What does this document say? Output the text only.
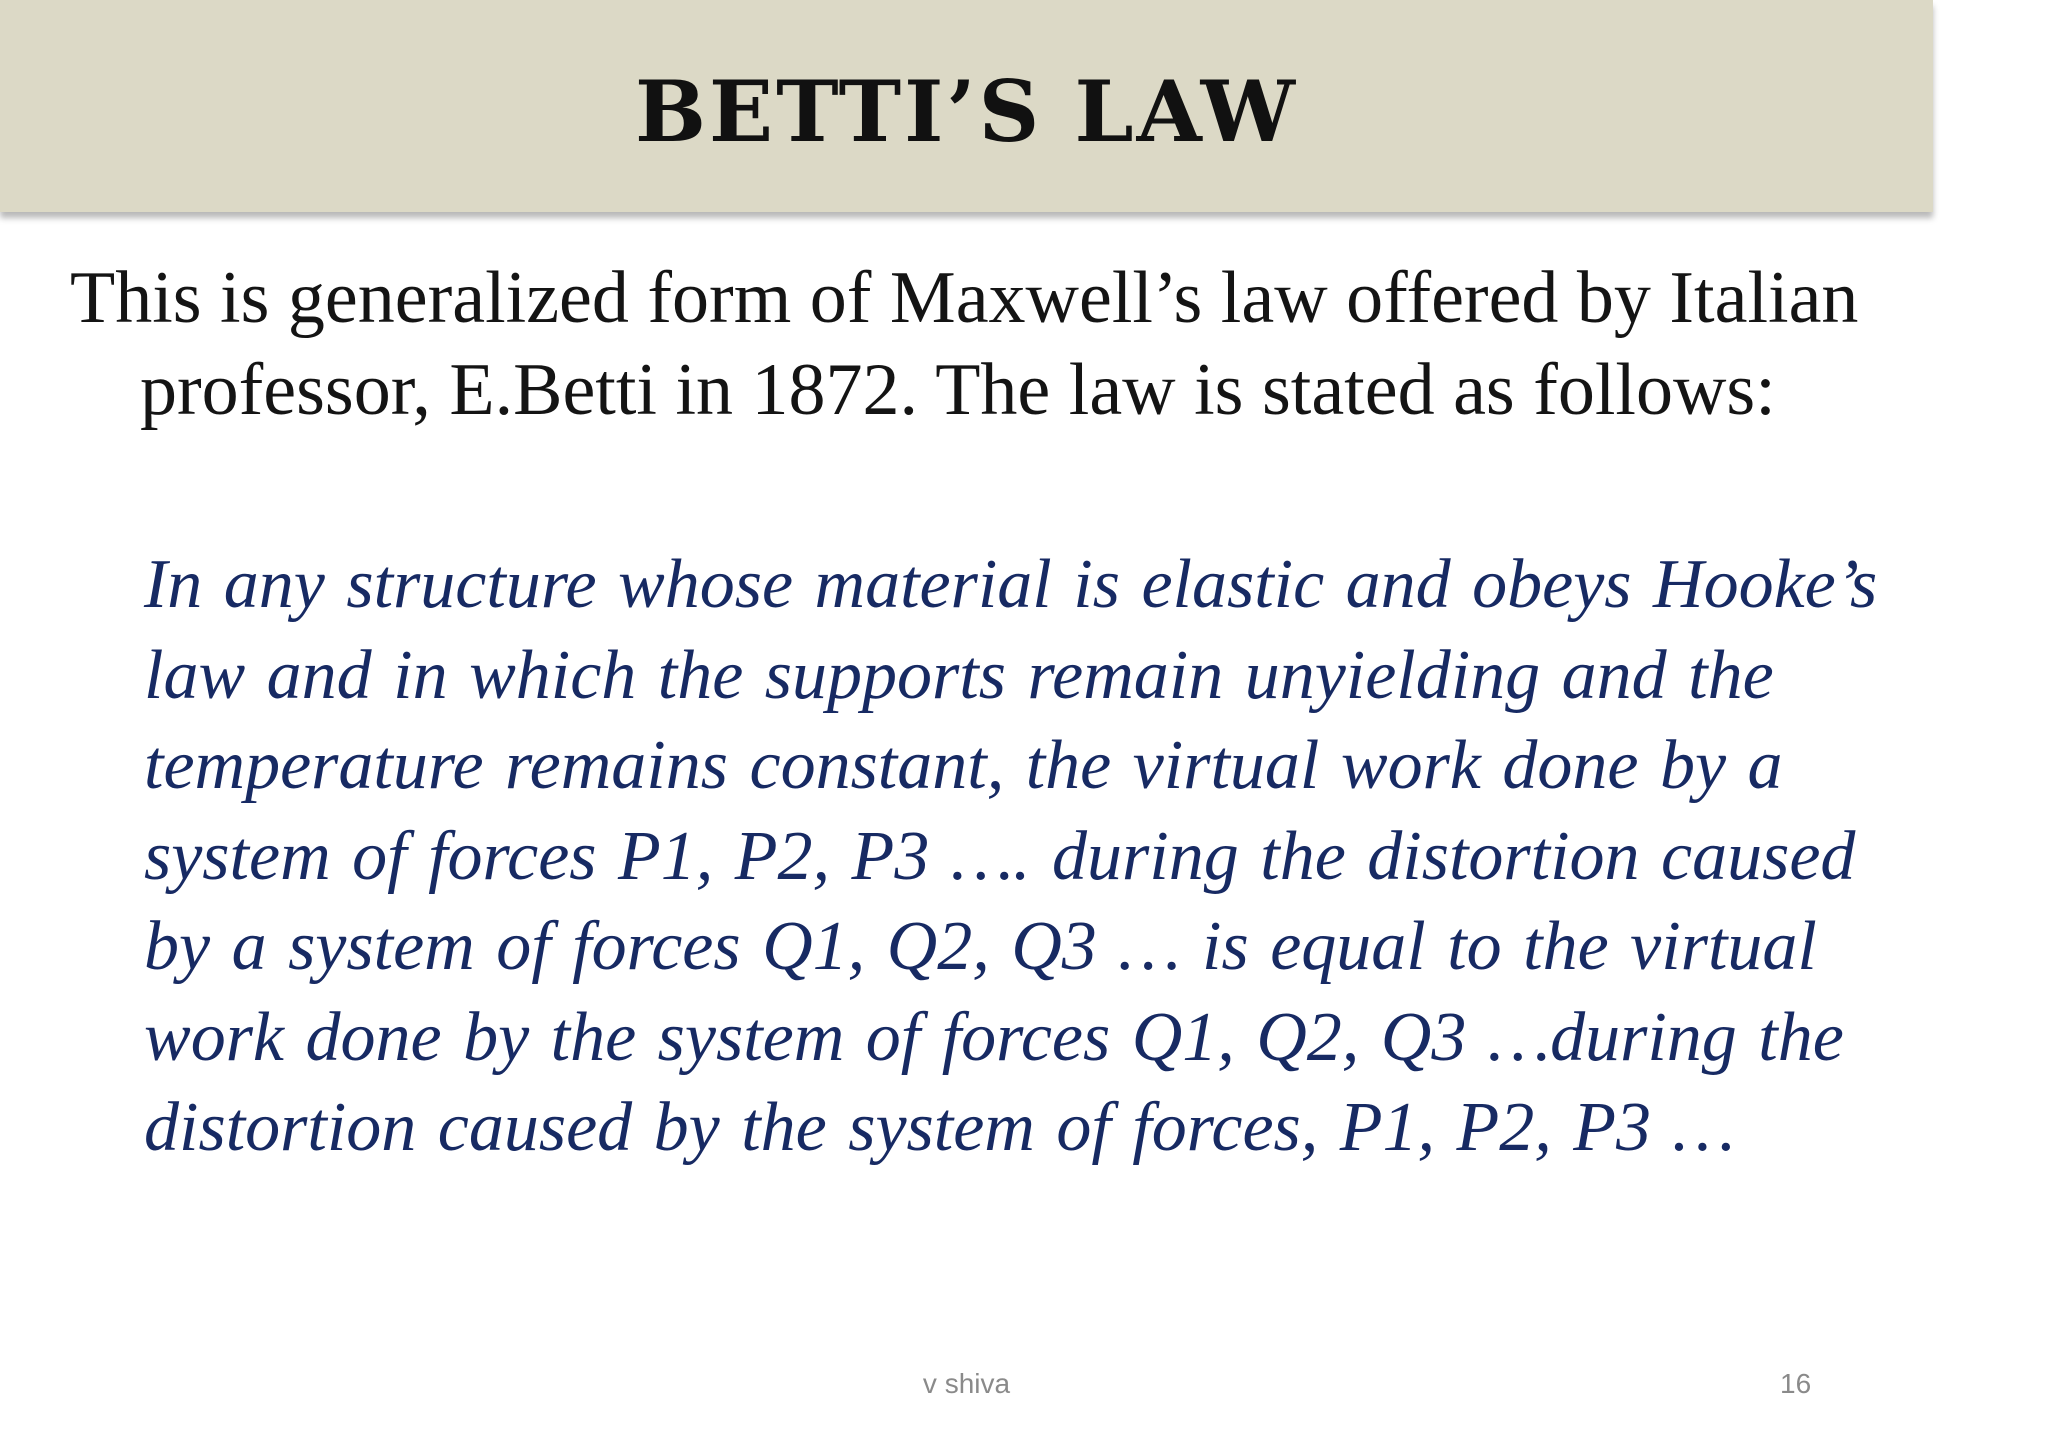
BETTI’S LAW
This is generalized form of Maxwell’s law offered by Italian professor, E.Betti in 1872. The law is stated as follows:
In any structure whose material is elastic and obeys Hooke’s
law and in which the supports remain unyielding and the
temperature remains constant, the virtual work done by a
system of forces P1, P2, P3 …. during the distortion caused
by a system of forces Q1, Q2, Q3 … is equal to the virtual
work done by the system of forces Q1, Q2, Q3 …during the
distortion caused by the system of forces, P1, P2, P3 …
v shiva	16
